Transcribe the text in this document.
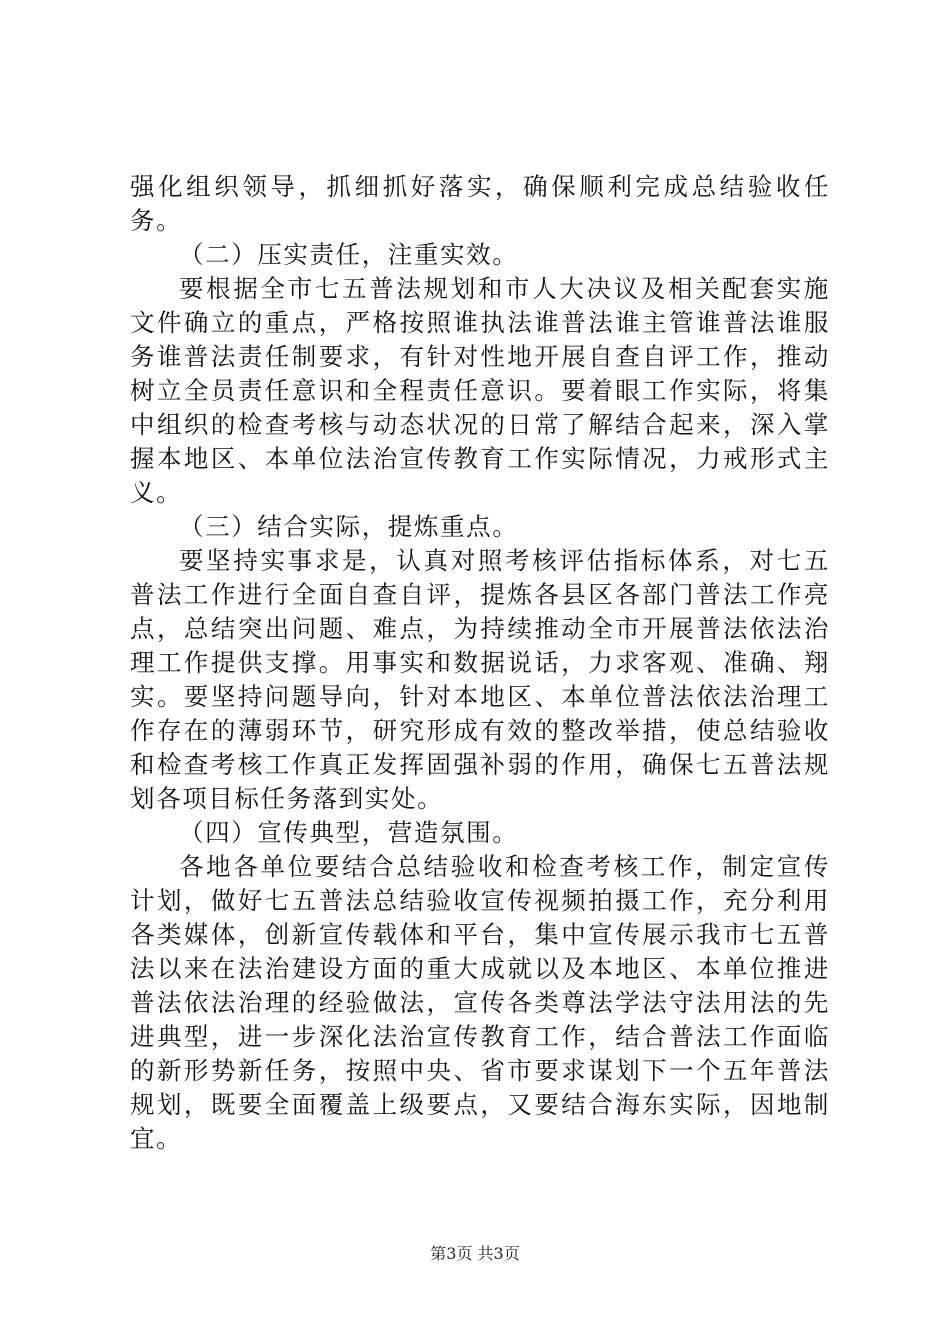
强化组织领导，抓细抓好落实，确保顺利完成总结验收任务。

（二）压实责任，注重实效。

要根据全市七五普法规划和市人大决议及相关配套实施文件确立的重点，严格按照谁执法谁普法谁主管谁普法谁服务谁普法责任制要求，有针对性地开展自查自评工作，推动树立全员责任意识和全程责任意识。要着眼工作实际，将集中组织的检查考核与动态状况的日常了解结合起来，深入掌握本地区、本单位法治宣传教育工作实际情况，力戒形式主义。

（三）结合实际，提炼重点。

要坚持实事求是，认真对照考核评估指标体系，对七五普法工作进行全面自查自评，提炼各县区各部门普法工作亮点，总结突出问题、难点，为持续推动全市开展普法依法治理工作提供支撑。用事实和数据说话，力求客观、准确、翔实。要坚持问题导向，针对本地区、本单位普法依法治理工作存在的薄弱环节，研究形成有效的整改举措，使总结验收和检查考核工作真正发挥固强补弱的作用，确保七五普法规划各项目标任务落到实处。

（四）宣传典型，营造氛围。

各地各单位要结合总结验收和检查考核工作，制定宣传计划，做好七五普法总结验收宣传视频拍摄工作，充分利用各类媒体，创新宣传载体和平台，集中宣传展示我市七五普法以来在法治建设方面的重大成就以及本地区、本单位推进普法依法治理的经验做法，宣传各类尊法学法守法用法的先进典型，进一步深化法治宣传教育工作，结合普法工作面临的新形势新任务，按照中央、省市要求谋划下一个五年普法规划，既要全面覆盖上级要点，又要结合海东实际，因地制宜。

第3页 共3页
